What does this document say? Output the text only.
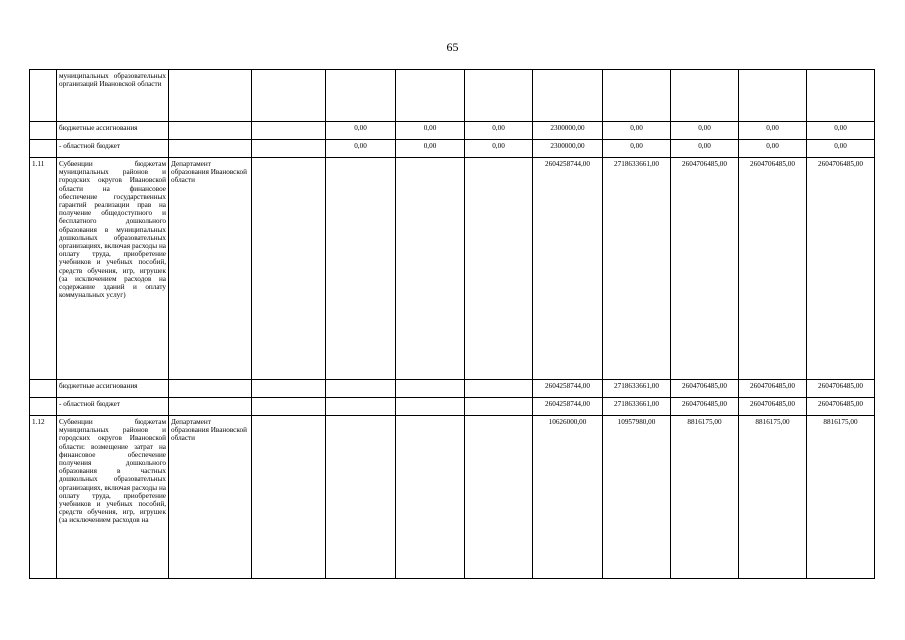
65
	муниципальных образовательных организаций Ивановской области											
	бюджетные ассигнования			0,00	0,00	0,00	2300000,00	0,00	0,00	0,00	0,00	
	- областной бюджет			0,00	0,00	0,00	2300000,00	0,00	0,00	0,00	0,00	
1.11	Субвенции бюджетам муниципальных районов и городских округов Ивановской области на финансовое обеспечение государственных гарантий реализации прав на получение общедоступного и бесплатного дошкольного образования в муниципальных дошкольных образовательных организациях, включая расходы на оплату труда, приобретение учебников и учебных пособий, средств обучения, игр, игрушек (за исключением расходов на содержание зданий и оплату коммунальных услуг)	Департамент образования Ивановской области					2604258744,00	2718633661,00	2604706485,00	2604706485,00	2604706485,00	
	бюджетные ассигнования						2604258744,00	2718633661,00	2604706485,00	2604706485,00	2604706485,00	
	- областной бюджет						2604258744,00	2718633661,00	2604706485,00	2604706485,00	2604706485,00	
1.12	Субвенции бюджетам муниципальных районов и городских округов Ивановской области: возмещение затрат на финансовое обеспечение получения дошкольного образования в частных дошкольных образовательных организациях, включая расходы на оплату труда, приобретение учебников и учебных пособий, средств обучения, игр, игрушек (за исключением расходов на	Департамент образования Ивановской области					10626000,00	10957980,00	8816175,00	8816175,00	8816175,00	
